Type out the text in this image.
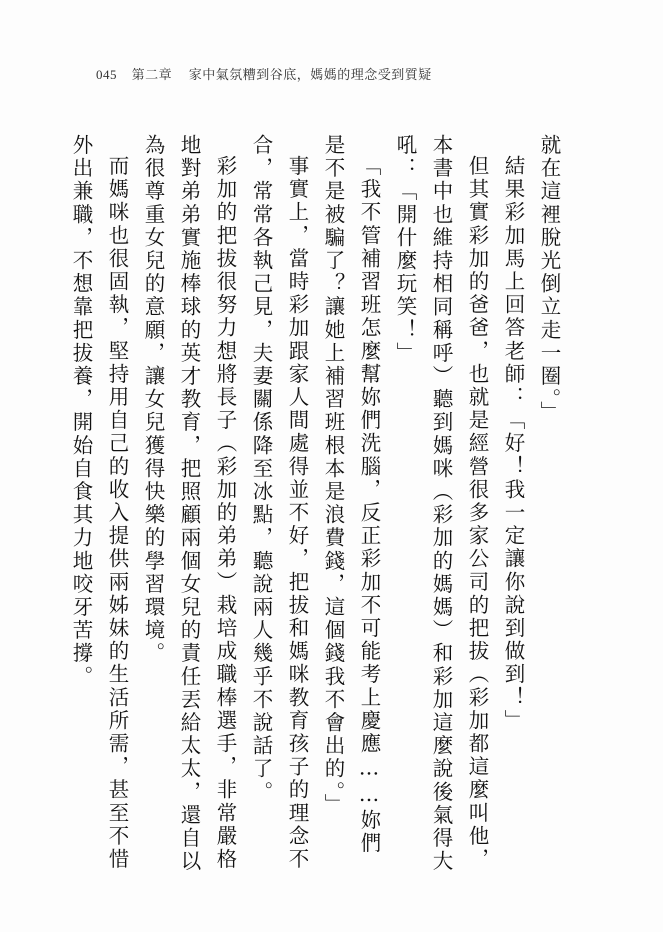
045 第二章 家中氣氛糟到谷底，媽媽的理念受到質疑

就在這裡脫光倒立走一圈。」

結果彩加馬上回答老師：「好！我一定讓你說到做到！」

但其實彩加的爸爸，也就是經營很多家公司的把拔（彩加都這麼叫他，本書中也維持相同稱呼）聽到媽咪（彩加的媽媽）和彩加這麼說後氣得大吼：「開什麼玩笑！」

「我不管補習班怎麼幫妳們洗腦，反正彩加不可能考上慶應……妳們是不是被騙了？讓她上補習班根本是浪費錢，這個錢我不會出的。」

事實上，當時彩加跟家人間處得並不好，把拔和媽咪教育孩子的理念不合，常常各執己見，夫妻關係降至冰點，聽說兩人幾乎不說話了。

彩加的把拔很努力想將長子（彩加的弟弟）栽培成職棒選手，非常嚴格地對弟弟實施棒球的英才教育，把照顧兩個女兒的責任丟給太太，還自以為很尊重女兒的意願，讓女兒獲得快樂的學習環境。

而媽咪也很固執，堅持用自己的收入提供兩姊妹的生活所需，甚至不惜外出兼職，不想靠把拔養，開始自食其力地咬牙苦撐。
